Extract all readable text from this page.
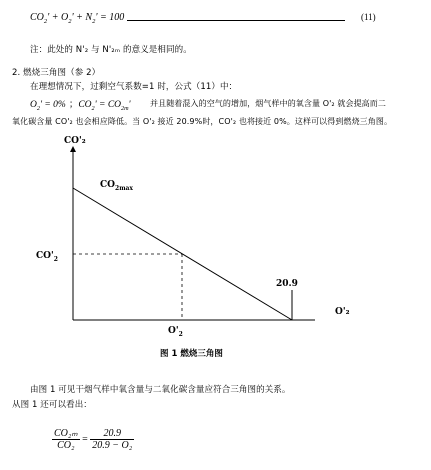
$CO_2' + O_2' + N_2' = 100$	(11)
注：此处的 N'₂ 与 N'₂ₘ 的意义是相同的。
2. 燃烧三角图（参 2）
在理想情况下，过剩空气系数=1 时，公式（11）中：
$O_2' = 0\%$ ；$CO_2' = CO_{2m}'$ 并且随着混入的空气的增加，烟气样中的氧含量 O'₂ 就会提高而二
氧化碳含量 CO'₂ 也会相应降低。当 O'₂ 接近 20.9%时，CO'₂ 也将接近 0%。这样可以得到燃烧三角图。
CO'₂
$CO_{2max}$
$CO'_2$
$O'_2$
20.9
O'₂
图 1 燃烧三角图
由图 1 可见干烟气样中氧含量与二氧化碳含量应符合三角图的关系。
从图 1 还可以看出：
$\frac{\text{CO₂ₘ}}{\text{CO₂}} = \frac{20.9}{\text{20.9 − O₂}}$
